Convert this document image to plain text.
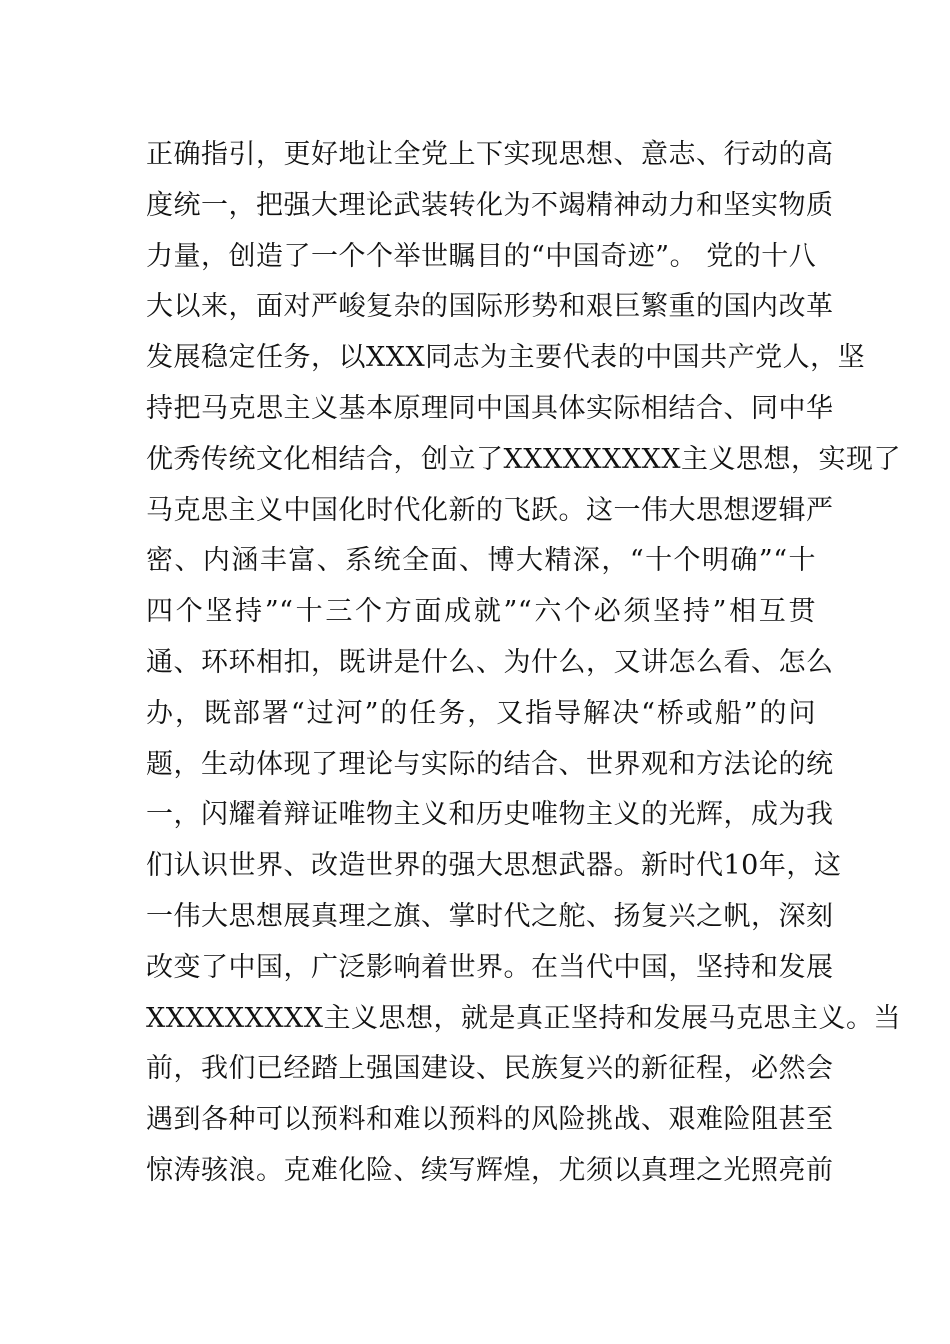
正确指引，更好地让全党上下实现思想、意志、行动的高
度统一，把强大理论武装转化为不竭精神动力和坚实物质
力量，创造了一个个举世瞩目的“中国奇迹”。 党的十八
大以来，面对严峻复杂的国际形势和艰巨繁重的国内改革
发展稳定任务，以XXX同志为主要代表的中国共产党人，坚
持把马克思主义基本原理同中国具体实际相结合、同中华
优秀传统文化相结合，创立了XXXXXXXXX主义思想，实现了
马克思主义中国化时代化新的飞跃。这一伟大思想逻辑严
密、内涵丰富、系统全面、博大精深，“十个明确”“十
四个坚持”“十三个方面成就”“六个必须坚持”相互贯
通、环环相扣，既讲是什么、为什么，又讲怎么看、怎么
办，既部署“过河”的任务，又指导解决“桥或船”的问
题，生动体现了理论与实际的结合、世界观和方法论的统
一，闪耀着辩证唯物主义和历史唯物主义的光辉，成为我
们认识世界、改造世界的强大思想武器。新时代10年，这
一伟大思想展真理之旗、掌时代之舵、扬复兴之帆，深刻
改变了中国，广泛影响着世界。在当代中国，坚持和发展
XXXXXXXXX主义思想，就是真正坚持和发展马克思主义。当
前，我们已经踏上强国建设、民族复兴的新征程，必然会
遇到各种可以预料和难以预料的风险挑战、艰难险阻甚至
惊涛骇浪。克难化险、续写辉煌，尤须以真理之光照亮前
